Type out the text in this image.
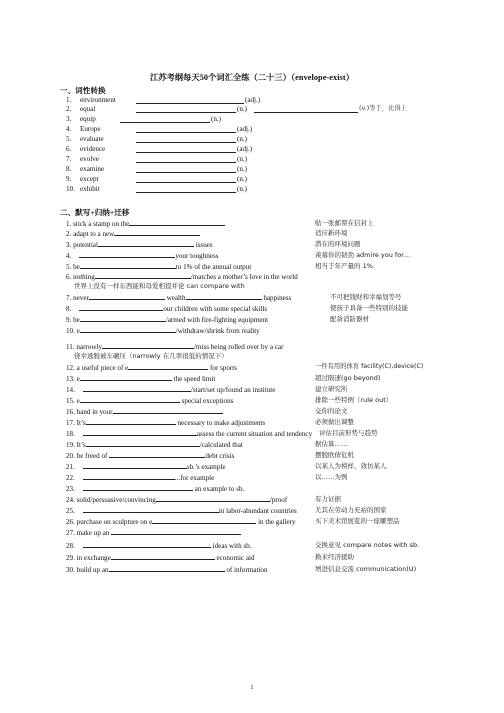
江苏考纲每天50个词汇全练（二十三）（envelope-exist）
一、词性转换
1. environment	(adj.)
2. equal	(n.)	(v.)等于，比得上
3. equip	(n.)
4. Europe	(adj.)
5. evaluate	(n.)
6. evidence	(adj.)
7. evolve	(n.)
8. examine	(n.)
9. except	(n.)
10. exhibit	(n.)
二、默写+归纳+迁移
1. stick a stamp on the	贴一张邮票在信封上
2. adapt to a new	适应新环境
3. potential	issues	潜在的环境问题
4.	your toughness	羡慕你的韧劲 admire you for…
5. be	to 1% of the annual output	相当于年产量的 1%
6. nothing	/matches a mother’s love in the world
世界上没有一样东西能和母爱相提并论 can compare with
7. never	wealth	happiness	不可把钱财和幸福划等号
8.	our children with some special skills	使孩子具备一些特别的技能
9. be	/armed with fire-fighting equipment	配备消防器材
10. e	/withdraw/shrink from reality
11. narrowly	/miss being rolled over by a car
侥幸逃脱被车碾压（narrowly 在几率很低的情况下）
12. a useful piece of e	for sports	一件有用的体育 facility(C),device(C)
13. e	the speed limit	超过限速(go beyond)
14.	/start/set up/found an institute	建立研究所
15. e	special exceptions	排除一些特例（rule out）
16. hand in your	交你的论文
17. It’s	necessary to make adjustments	必须做出调整
18.	assess the current situation and tendency 评估目前形势与趋势
19. It’s	/calculated that	据估算……
20. be freed of	debt crisis	摆脱欧债危机
21.	sb.’s example	以某人为榜样，效仿某人
22.	...for example	以……为例
23.	an example to sb.
24. solid/persuasive/convincing	/proof	有力证据
25.	in labor-abundant countries	尤其在劳动力充裕的国家
26. purchase on sculpture on e	in the gallery	买下美术馆展览的一座雕塑品
27. make up an
28.	ideas with sb.	交换意见 compare notes with sb.
29. in exchange	economic aid	换来经济援助
30. build up an	of information	增进信息交流 communication(U)
1
